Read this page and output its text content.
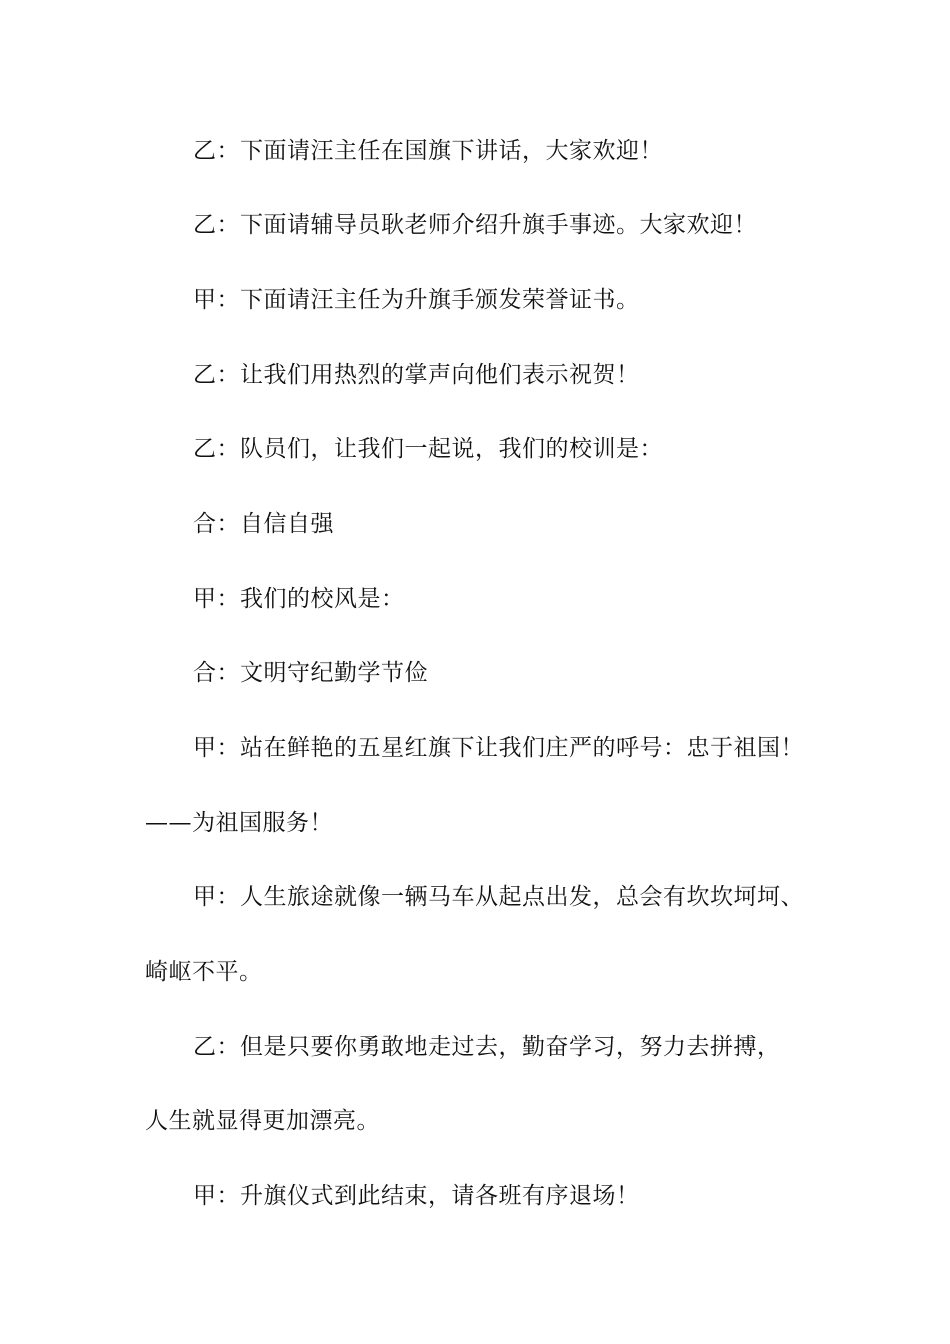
乙：下面请汪主任在国旗下讲话，大家欢迎！
乙：下面请辅导员耿老师介绍升旗手事迹。大家欢迎！
甲：下面请汪主任为升旗手颁发荣誉证书。
乙：让我们用热烈的掌声向他们表示祝贺！
乙：队员们，让我们一起说，我们的校训是：
合：自信自强
甲：我们的校风是：
合：文明守纪勤学节俭
甲：站在鲜艳的五星红旗下让我们庄严的呼号：忠于祖国！
——为祖国服务！
甲：人生旅途就像一辆马车从起点出发，总会有坎坎坷坷、
崎岖不平。
乙：但是只要你勇敢地走过去，勤奋学习，努力去拼搏，
人生就显得更加漂亮。
甲：升旗仪式到此结束，请各班有序退场！
